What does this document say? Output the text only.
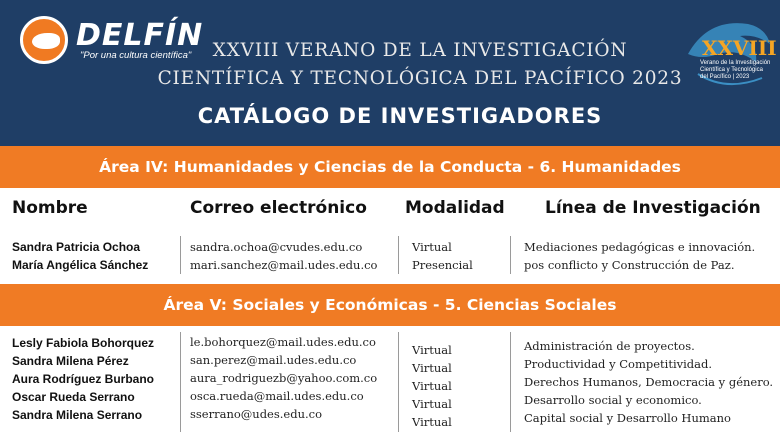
DELFÍN
"Por una cultura científica"	XXVIII VERANO DE LA INVESTIGACIÓN
CIENTÍFICA Y TECNOLÓGICA DEL PACÍFICO 2023
CATÁLOGO DE INVESTIGADORES
XXVIII
Verano de la Investigación Científica y Tecnológica del Pacífico | 2023
Área IV: Humanidades y Ciencias de la Conducta - 6. Humanidades
Nombre	Correo electrónico Modalidad Línea de Investigación
Sandra Patricia Ochoa
María Angélica Sánchez
sandra.ochoa@cvudes.edu.co
mari.sanchez@mail.udes.edu.co
Virtual
Presencial
Mediaciones pedagógicas e innovación.
pos conflicto y Construcción de Paz.
Área V: Sociales y Económicas - 5. Ciencias Sociales
Lesly Fabiola Bohorquez
Sandra Milena Pérez
Aura Rodríguez Burbano
Oscar Rueda Serrano
Sandra Milena Serrano
le.bohorquez@mail.udes.edu.co
san.perez@mail.udes.edu.co
aura_rodriguezb@yahoo.com.co
osca.rueda@mail.udes.edu.co
sserrano@udes.edu.co
Virtual
Virtual
Virtual
Virtual
Virtual
Administración de proyectos.
Productividad y Competitividad.
Derechos Humanos, Democracia y género.
Desarrollo social y economico.
Capital social y Desarrollo Humano
